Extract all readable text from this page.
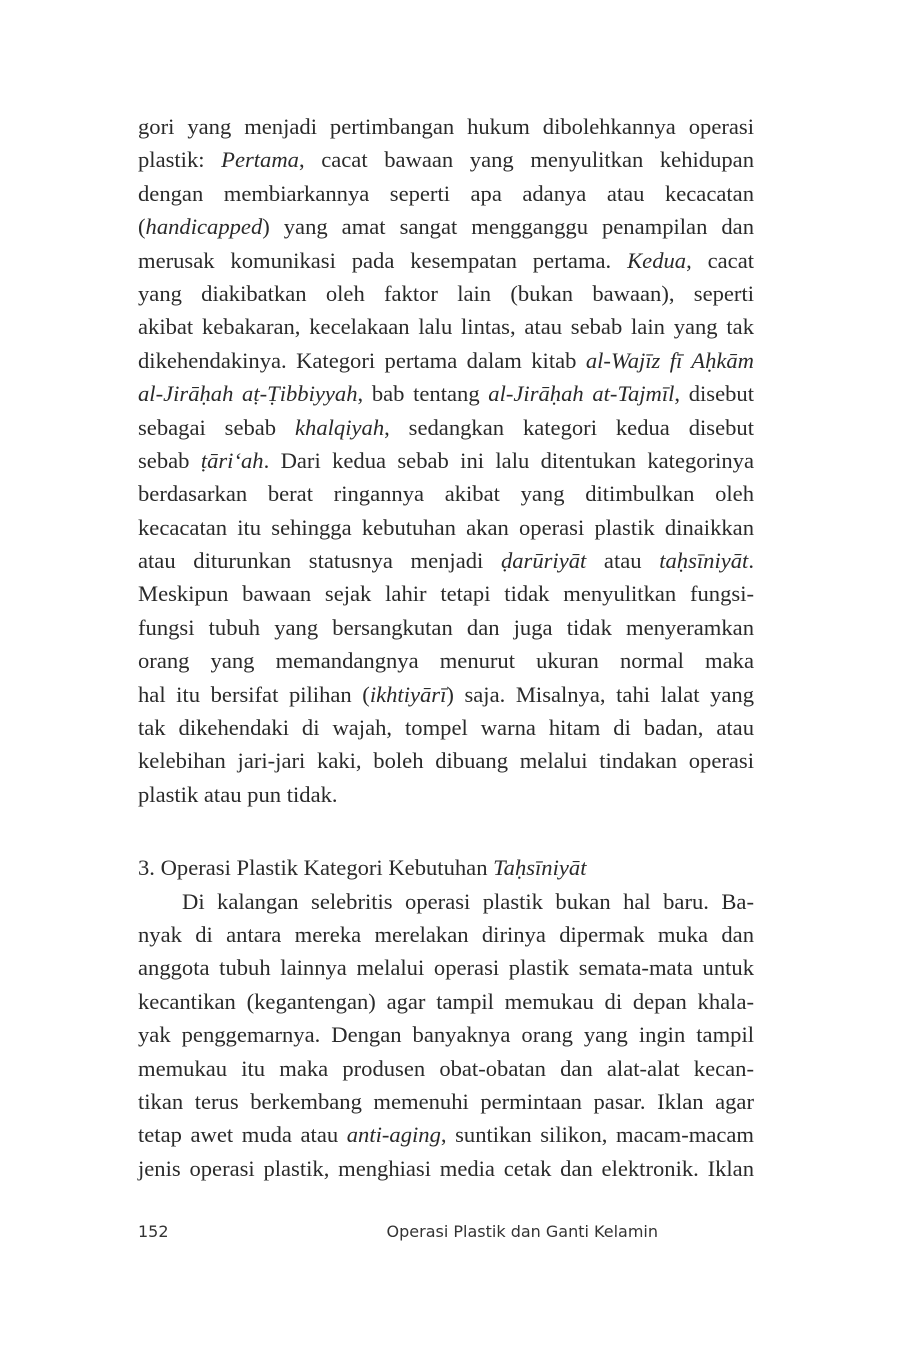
gori yang menjadi pertimbangan hukum dibolehkannya operasi
plastik: Pertama, cacat bawaan yang menyulitkan kehidupan
dengan membiarkannya seperti apa adanya atau kecacatan
(handicapped) yang amat sangat mengganggu penampilan dan
merusak komunikasi pada kesempatan pertama. Kedua, cacat
yang diakibatkan oleh faktor lain (bukan bawaan), seperti
akibat kebakaran, kecelakaan lalu lintas, atau sebab lain yang tak
dikehendakinya. Kategori pertama dalam kitab al-Wajīz fī Aḥkām
al-Jirāḥah aṭ-Ṭibbiyyah, bab tentang al-Jirāḥah at-Tajmīl, disebut
sebagai sebab khalqiyah, sedangkan kategori kedua disebut
sebab ṭāri‘ah. Dari kedua sebab ini lalu ditentukan kategorinya
berdasarkan berat ringannya akibat yang ditimbulkan oleh
kecacatan itu sehingga kebutuhan akan operasi plastik dinaikkan
atau diturunkan statusnya menjadi ḍarūriyāt atau taḥsīniyāt.
Meskipun bawaan sejak lahir tetapi tidak menyulitkan fungsi-
fungsi tubuh yang bersangkutan dan juga tidak menyeramkan
orang yang memandangnya menurut ukuran normal maka
hal itu bersifat pilihan (ikhtiyārī) saja. Misalnya, tahi lalat yang
tak dikehendaki di wajah, tompel warna hitam di badan, atau
kelebihan jari-jari kaki, boleh dibuang melalui tindakan operasi
plastik atau pun tidak.
3. Operasi Plastik Kategori Kebutuhan Taḥsīniyāt
Di kalangan selebritis operasi plastik bukan hal baru. Ba-
nyak di antara mereka merelakan dirinya dipermak muka dan
anggota tubuh lainnya melalui operasi plastik semata-mata untuk
kecantikan (kegantengan) agar tampil memukau di depan khala-
yak penggemarnya. Dengan banyaknya orang yang ingin tampil
memukau itu maka produsen obat-obatan dan alat-alat kecan-
tikan terus berkembang memenuhi permintaan pasar. Iklan agar
tetap awet muda atau anti-aging, suntikan silikon, macam-macam
jenis operasi plastik, menghiasi media cetak dan elektronik. Iklan
152	Operasi Plastik dan Ganti Kelamin
